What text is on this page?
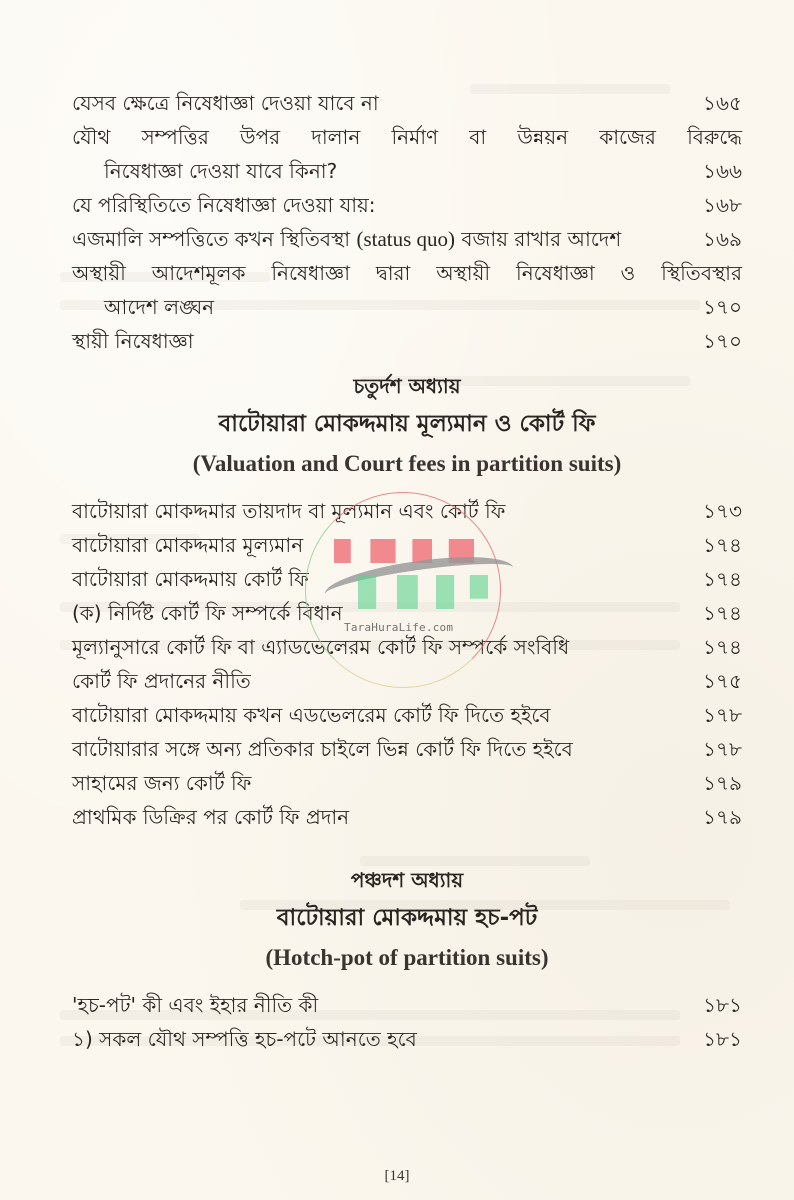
যেসব ক্ষেত্রে নিষেধাজ্ঞা দেওয়া যাবে না	১৬৫
যৌথ সম্পত্তির উপর দালান নির্মাণ বা উন্নয়ন কাজের বিরুদ্ধে
নিষেধাজ্ঞা দেওয়া যাবে কিনা?	১৬৬
যে পরিস্থিতিতে নিষেধাজ্ঞা দেওয়া যায়:	১৬৮
এজমালি সম্পত্তিতে কখন স্থিতিবস্থা (status quo) বজায় রাখার আদেশ	১৬৯
অস্থায়ী আদেশমূলক নিষেধাজ্ঞা দ্বারা অস্থায়ী নিষেধাজ্ঞা ও স্থিতিবস্থার
আদেশ লঙ্ঘন	১৭০
স্থায়ী নিষেধাজ্ঞা	১৭০
চতুর্দশ অধ্যায়
বাটোয়ারা মোকদ্দমায় মূল্যমান ও কোর্ট ফি
(Valuation and Court fees in partition suits)
বাটোয়ারা মোকদ্দমার তায়দাদ বা মূল্যমান এবং কোর্ট ফি	১৭৩
বাটোয়ারা মোকদ্দমার মূল্যমান	১৭৪
বাটোয়ারা মোকদ্দমায় কোর্ট ফি	১৭৪
(ক) নির্দিষ্ট কোর্ট ফি সম্পর্কে বিধান	১৭৪
মূল্যানুসারে কোর্ট ফি বা এ্যাডভেলেরম কোর্ট ফি সম্পর্কে সংবিধি	১৭৪
কোর্ট ফি প্রদানের নীতি	১৭৫
বাটোয়ারা মোকদ্দমায় কখন এডভেলরেম কোর্ট ফি দিতে হইবে	১৭৮
বাটোয়ারার সঙ্গে অন্য প্রতিকার চাইলে ভিন্ন কোর্ট ফি দিতে হইবে	১৭৮
সাহামের জন্য কোর্ট ফি	১৭৯
প্রাথমিক ডিক্রির পর কোর্ট ফি প্রদান	১৭৯
পঞ্চদশ অধ্যায়
বাটোয়ারা মোকদ্দমায় হচ-পট
(Hotch-pot of partition suits)
'হচ-পট' কী এবং ইহার নীতি কী	১৮১
১) সকল যৌথ সম্পত্তি হচ-পটে আনতে হবে	১৮১
TaraHuraLife.com
[14]
